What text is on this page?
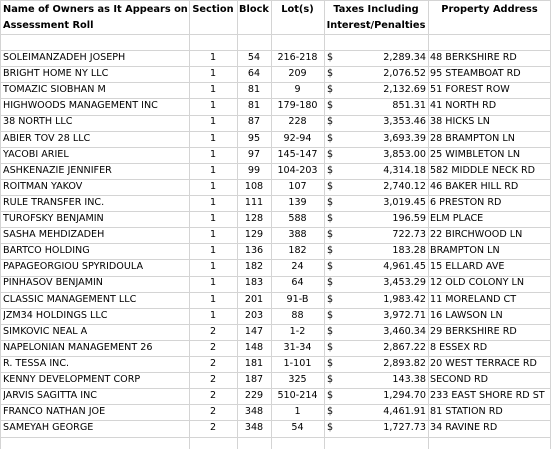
Name of Owners as It Appears on
Assessment Roll
Section Block	Lot(s)	Taxes Including
Interest/Penalties
Property Address
SOLEIMANZADEH JOSEPH	1	54	216-218 $	2,289.34 48 BERKSHIRE RD
BRIGHT HOME NY LLC	1	64	209	$	2,076.52 95 STEAMBOAT RD
TOMAZIC SIOBHAN M	1	81	9	$	2,132.69 51 FOREST ROW
HIGHWOODS MANAGEMENT INC	1	81	179-180 $	851.31 41 NORTH RD
38 NORTH LLC	1	87	228	$	3,353.46 38 HICKS LN
ABIER TOV 28 LLC	1	95	92-94	$	3,693.39 28 BRAMPTON LN
YACOBI ARIEL	1	97	145-147 $	3,853.00 25 WIMBLETON LN
ASHKENAZIE JENNIFER	1	99	104-203 $	4,314.18 582 MIDDLE NECK RD
ROITMAN YAKOV	1	108	107	$	2,740.12 46 BAKER HILL RD
RULE TRANSFER INC.	1	111	139	$	3,019.45 6 PRESTON RD
TUROFSKY BENJAMIN	1	128	588	$	196.59 ELM PLACE
SASHA MEHDIZADEH	1	129	388	$	722.73 22 BIRCHWOOD LN
BARTCO HOLDING	1	136	182	$	183.28 BRAMPTON LN
PAPAGEORGIOU SPYRIDOULA	1	182	24	$	4,961.45 15 ELLARD AVE
PINHASOV BENJAMIN	1	183	64	$	3,453.29 12 OLD COLONY LN
CLASSIC MANAGEMENT LLC	1	201	91-B	$	1,983.42 11 MORELAND CT
JZM34 HOLDINGS LLC	1	203	88	$	3,972.71 16 LAWSON LN
SIMKOVIC NEAL A	2	147	1-2	$	3,460.34 29 BERKSHIRE RD
NAPELONIAN MANAGEMENT 26	2	148	31-34	$	2,867.22 8 ESSEX RD
R. TESSA INC.	2	181	1-101	$	2,893.82 20 WEST TERRACE RD
KENNY DEVELOPMENT CORP	2	187	325	$	143.38 SECOND RD
JARVIS SAGITTA INC	2	229	510-214 $	1,294.70 233 EAST SHORE RD ST
FRANCO NATHAN JOE	2	348	1	$	4,461.91 81 STATION RD
SAMEYAH GEORGE	2	348	54	$	1,727.73 34 RAVINE RD
